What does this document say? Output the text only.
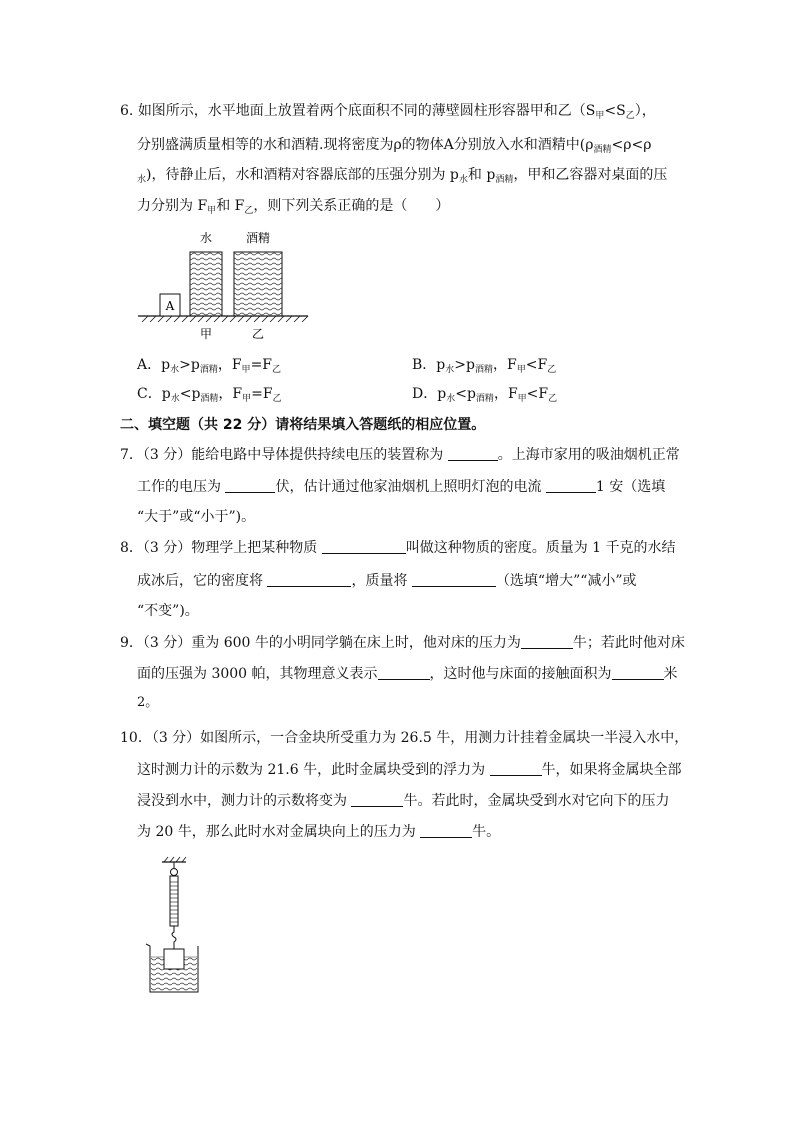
6. 如图所示，水平地面上放置着两个底面积不同的薄壁圆柱形容器甲和乙$(S_甲<S_乙)$，
分别盛满质量相等的水和酒精.现将密度为ρ的物体A分别放入水和酒精中($\rho_{酒精}<\rho<\rho$
$_水$)，待静止后，水和酒精对容器底部的压强分别为 $p_水$和 $p_{酒精}$，甲和乙容器对桌面的压
力分别为 $F_甲$和 $F_乙$，则下列关系正确的是（　　）
A
水	酒精
甲	乙
A．$p_水>p_{酒精}$，$F_甲=F_乙$	B．$p_水>p_{酒精}$，$F_甲<F_乙$
C．$p_水<p_{酒精}$，$F_甲=F_乙$	D．$p_水<p_{酒精}$，$F_甲<F_乙$
二、填空题（共 22 分）请将结果填入答题纸的相应位置。
7．（3 分）能给电路中导体提供持续电压的装置称为	。上海市家用的吸油烟机正常
工作的电压为	伏，估计通过他家油烟机上照明灯泡的电流	1 安（选填
“大于”或“小于”)。
8．（3 分）物理学上把某种物质	叫做这种物质的密度。质量为 1 千克的水结
成冰后，它的密度将	，质量将	（选填“增大”“减小”或
“不变”)。
9．（3 分）重为 600 牛的小明同学躺在床上时，他对床的压力为	牛；若此时他对床
面的压强为 3000 帕，其物理意义表示	，这时他与床面的接触面积为	米
2。
10．（3 分）如图所示，一合金块所受重力为 26.5 牛，用测力计挂着金属块一半浸入水中，
这时测力计的示数为 21.6 牛，此时金属块受到的浮力为	牛，如果将金属块全部
浸没到水中，测力计的示数将变为	牛。若此时，金属块受到水对它向下的压力
为 20 牛，那么此时水对金属块向上的压力为	牛。
